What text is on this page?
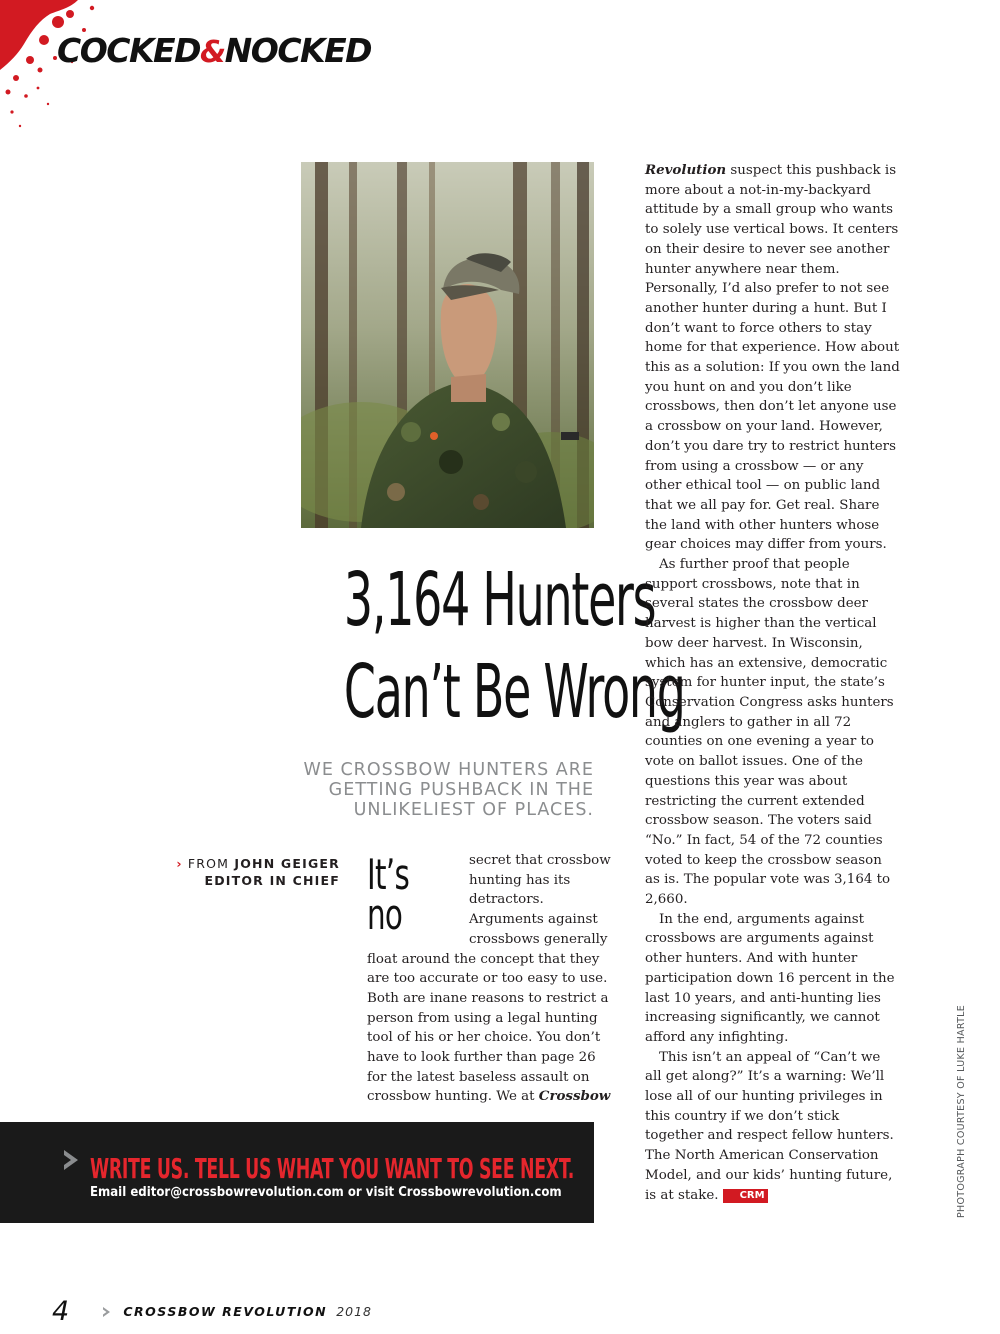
COCKED&NOCKED
3,164 Hunters
Can’t Be Wrong

WE CROSSBOW HUNTERS ARE
GETTING PUSHBACK IN THE
UNLIKELIEST OF PLACES.

› FROM JOHN GEIGER
EDITOR IN CHIEF It’s no
secret that crossbow hunting has its detractors. Arguments against crossbows generally float around the concept that they are too accurate or too easy to use. Both are inane reasons to restrict a person from using a legal hunting tool of his or her choice. You don’t have to look further than page 26 for the latest baseless assault on crossbow hunting. We at Crossbow

Revolution suspect this pushback is more about a not-in-my-backyard attitude by a small group who wants to solely use vertical bows. It centers on their desire to never see another hunter anywhere near them. Personally, I’d also prefer to not see another hunter during a hunt. But I don’t want to force others to stay home for that experience. How about this as a solution: If you own the land you hunt on and you don’t like crossbows, then don’t let anyone use a crossbow on your land. However, don’t you dare try to restrict hunters from using a crossbow — or any other ethical tool — on public land that we all pay for. Get real. Share the land with other hunters whose gear choices may differ from yours.

As further proof that people support crossbows, note that in several states the crossbow deer harvest is higher than the vertical bow deer harvest. In Wisconsin, which has an extensive, democratic system for hunter input, the state’s Conservation Congress asks hunters and anglers to gather in all 72 counties on one evening a year to vote on ballot issues. One of the questions this year was about restricting the current extended crossbow season. The voters said “No.” In fact, 54 of the 72 counties voted to keep the crossbow season as is. The popular vote was 3,164 to 2,660.

In the end, arguments against crossbows are arguments against other hunters. And with hunter participation down 16 percent in the last 10 years, and anti-hunting lies increasing significantly, we cannot afford any infighting.

This isn’t an appeal of “Can’t we all get along?” It’s a warning: We’ll lose all of our hunting privileges in this country if we don’t stick together and respect fellow hunters. The North American Conservation Model, and our kids’ hunting future, is at stake. CRM

WRITE US. TELL US WHAT YOU WANT TO SEE NEXT.

Email editor@crossbowrevolution.com or visit Crossbowrevolution.com	PHOTOGRAPH COURTESY OF LUKE HARTLE
4	CROSSBOW REVOLUTION 2018
